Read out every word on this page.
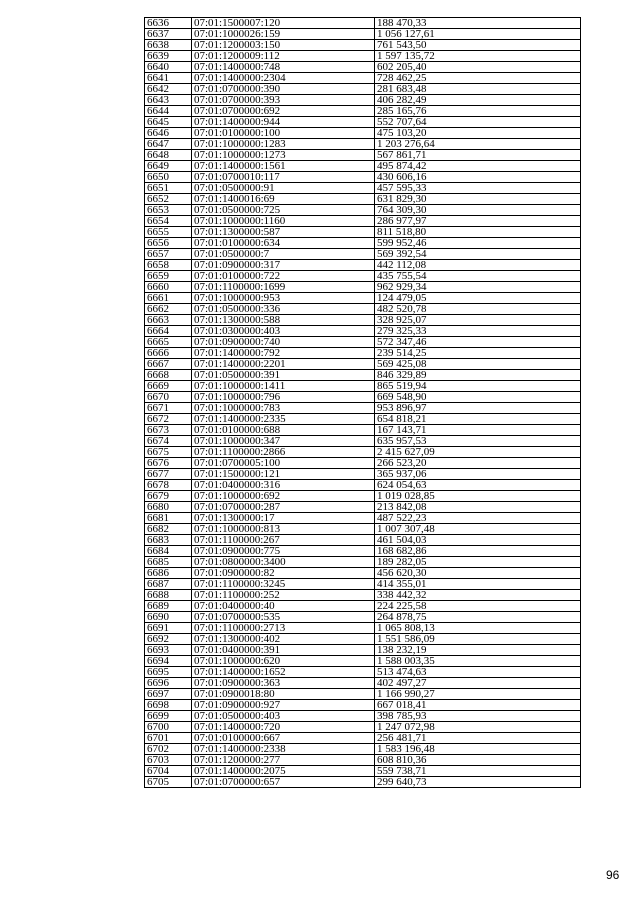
6636	07:01:1500007:120	188 470,33
6637	07:01:1000026:159	1 056 127,61
6638	07:01:1200003:150	761 543,50
6639	07:01:1200009:112	1 597 135,72
6640	07:01:1400000:748	602 205,40
6641	07:01:1400000:2304	728 462,25
6642	07:01:0700000:390	281 683,48
6643	07:01:0700000:393	406 282,49
6644	07:01:0700000:692	285 165,76
6645	07:01:1400000:944	552 707,64
6646	07:01:0100000:100	475 103,20
6647	07:01:1000000:1283	1 203 276,64
6648	07:01:1000000:1273	567 861,71
6649	07:01:1400000:1561	495 874,42
6650	07:01:0700010:117	430 606,16
6651	07:01:0500000:91	457 595,33
6652	07:01:1400016:69	631 829,30
6653	07:01:0500000:725	764 309,30
6654	07:01:1000000:1160	286 977,97
6655	07:01:1300000:587	811 518,80
6656	07:01:0100000:634	599 952,46
6657	07:01:0500000:7	569 392,54
6658	07:01:0900000:317	442 112,08
6659	07:01:0100000:722	435 755,54
6660	07:01:1100000:1699	962 929,34
6661	07:01:1000000:953	124 479,05
6662	07:01:0500000:336	482 520,78
6663	07:01:1300000:588	328 925,07
6664	07:01:0300000:403	279 325,33
6665	07:01:0900000:740	572 347,46
6666	07:01:1400000:792	239 514,25
6667	07:01:1400000:2201	569 425,08
6668	07:01:0500000:391	846 329,89
6669	07:01:1000000:1411	865 519,94
6670	07:01:1000000:796	669 548,90
6671	07:01:1000000:783	953 896,97
6672	07:01:1400000:2335	654 818,21
6673	07:01:0100000:688	167 143,71
6674	07:01:1000000:347	635 957,53
6675	07:01:1100000:2866	2 415 627,09
6676	07:01:0700005:100	266 523,20
6677	07:01:1500000:121	365 937,06
6678	07:01:0400000:316	624 054,63
6679	07:01:1000000:692	1 019 028,85
6680	07:01:0700000:287	213 842,08
6681	07:01:1300000:17	487 522,23
6682	07:01:1000000:813	1 007 307,48
6683	07:01:1100000:267	461 504,03
6684	07:01:0900000:775	168 682,86
6685	07:01:0800000:3400	189 282,05
6686	07:01:0900000:82	456 620,30
6687	07:01:1100000:3245	414 355,01
6688	07:01:1100000:252	338 442,32
6689	07:01:0400000:40	224 225,58
6690	07:01:0700000:535	264 878,75
6691	07:01:1100000:2713	1 065 808,13
6692	07:01:1300000:402	1 551 586,09
6693	07:01:0400000:391	138 232,19
6694	07:01:1000000:620	1 588 003,35
6695	07:01:1400000:1652	513 474,63
6696	07:01:0900000:363	402 497,27
6697	07:01:0900018:80	1 166 990,27
6698	07:01:0900000:927	667 018,41
6699	07:01:0500000:403	398 785,93
6700	07:01:1400000:720	1 247 072,98
6701	07:01:0100000:667	256 481,71
6702	07:01:1400000:2338	1 583 196,48
6703	07:01:1200000:277	608 810,36
6704	07:01:1400000:2075	559 738,71
6705	07:01:0700000:657	299 640,73
96
